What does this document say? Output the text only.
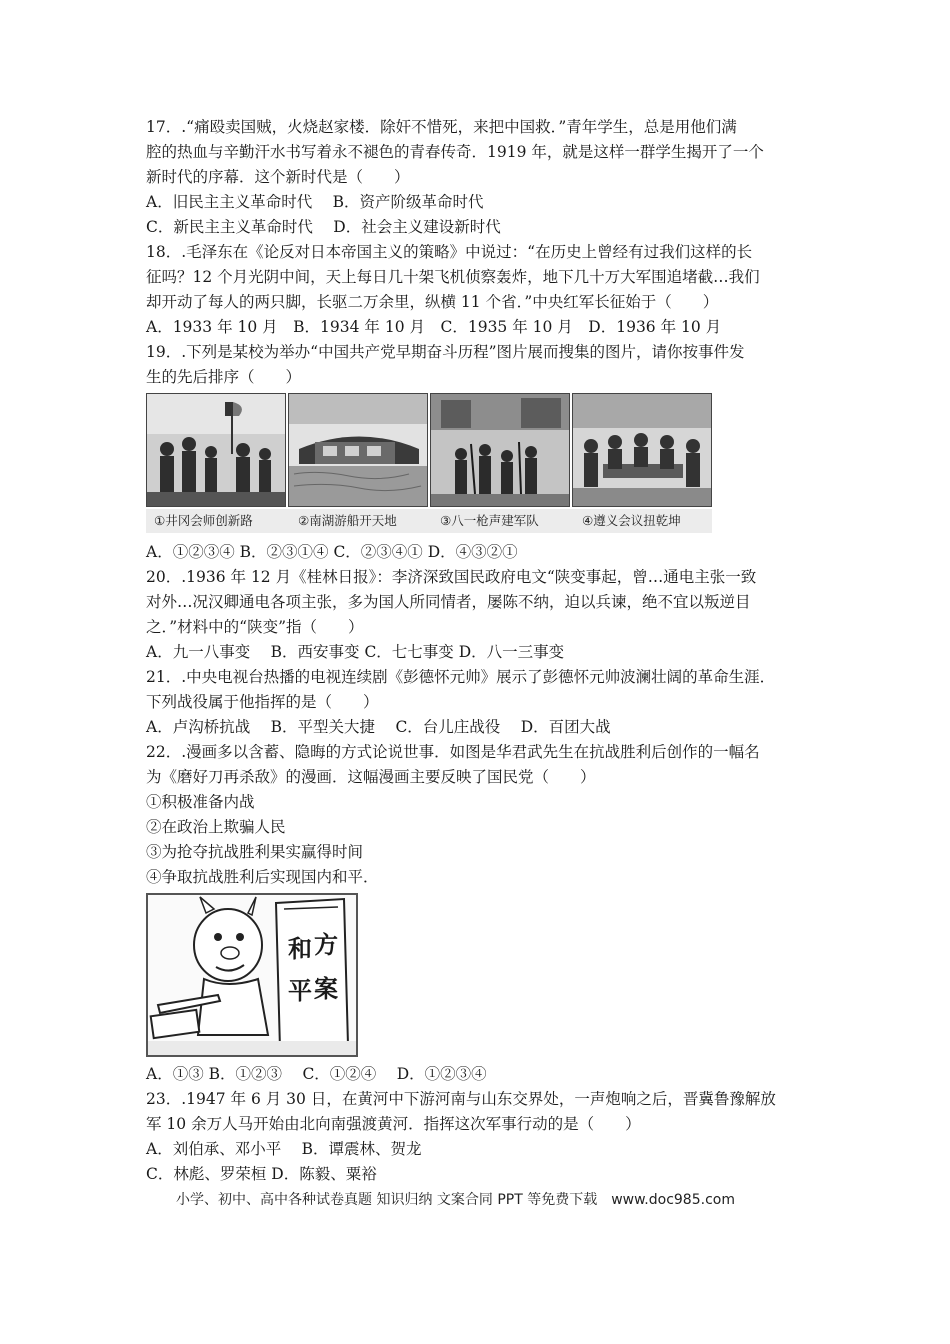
17．.“痛殴卖国贼，火烧赵家楼．除奸不惜死，来把中国救．”青年学生，总是用他们满
腔的热血与辛勤汗水书写着永不褪色的青春传奇．1919 年，就是这样一群学生揭开了一个
新时代的序幕．这个新时代是（　　）
A．旧民主主义革命时代　 B．资产阶级革命时代
C．新民主主义革命时代　 D．社会主义建设新时代
18．.毛泽东在《论反对日本帝国主义的策略》中说过：“在历史上曾经有过我们这样的长
征吗？12 个月光阴中间，天上每日几十架飞机侦察轰炸，地下几十万大军围追堵截…我们
却开动了每人的两只脚，长驱二万余里，纵横 11 个省．”中央红军长征始于（　　）
A．1933 年 10 月　B．1934 年 10 月　C．1935 年 10 月　D．1936 年 10 月
19．.下列是某校为举办“中国共产党早期奋斗历程”图片展而搜集的图片，请你按事件发
生的先后排序（　　）
①井冈会师创新路	②南湖游船开天地	③八一枪声建军队	④遵义会议扭乾坤
A．①②③④ B．②③①④ C．②③④① D．④③②①
20．.1936 年 12 月《桂林日报》：李济深致国民政府电文“陕变事起，曾…通电主张一致
对外…况汉卿通电各项主张，多为国人所同情者，屡陈不纳，迫以兵谏，绝不宜以叛逆目
之．”材料中的“陕变”指（　　）
A．九一八事变　 B．西安事变 C．七七事变 D．八一三事变
21．.中央电视台热播的电视连续剧《彭德怀元帅》展示了彭德怀元帅波澜壮阔的革命生涯．
下列战役属于他指挥的是（　　）
A．卢沟桥抗战　 B．平型关大捷　 C．台儿庄战役　 D．百团大战
22．.漫画多以含蓄、隐晦的方式论说世事．如图是华君武先生在抗战胜利后创作的一幅名
为《磨好刀再杀敌》的漫画．这幅漫画主要反映了国民党（　　）
①积极准备内战
②在政治上欺骗人民
③为抢夺抗战胜利果实赢得时间
④争取抗战胜利后实现国内和平．
和 方
平 案
A．①③ B．①②③　 C．①②④　 D．①②③④
23．.1947 年 6 月 30 日，在黄河中下游河南与山东交界处，一声炮响之后，晋冀鲁豫解放
军 10 余万人马开始由北向南强渡黄河．指挥这次军事行动的是（　　）
A．刘伯承、邓小平　 B．谭震林、贺龙
C．林彪、罗荣桓 D．陈毅、粟裕
小学、初中、高中各种试卷真题 知识归纳 文案合同 PPT 等免费下载　www.doc985.com
